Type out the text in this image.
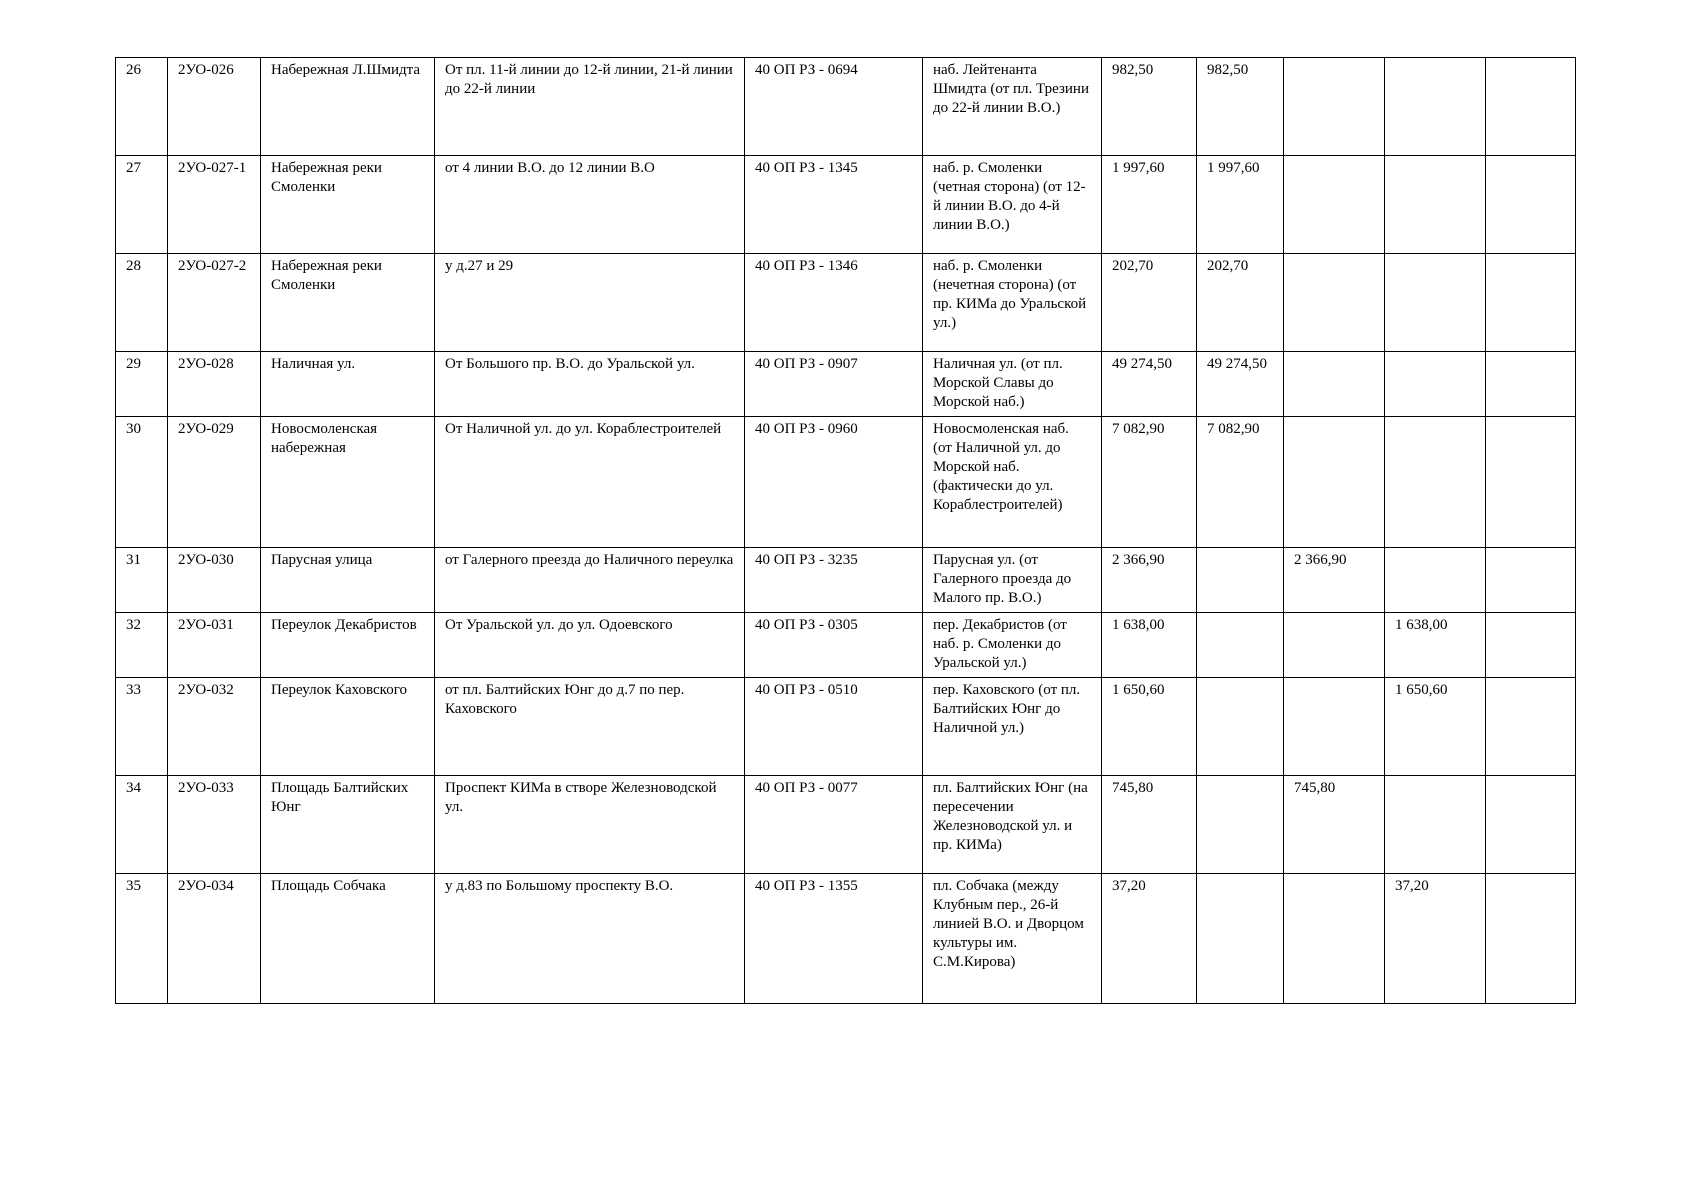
26	2УО-026	Набережная Л.Шмидта	От пл. 11-й линии до 12-й линии, 21-й линии до 22-й линии	40 ОП РЗ - 0694	наб. Лейтенанта Шмидта (от пл. Трезини до 22-й линии В.О.)	982,50	982,50			
27	2УО-027-1	Набережная реки Смоленки	от 4 линии В.О. до 12 линии В.О	40 ОП РЗ - 1345	наб. р. Смоленки (четная сторона) (от 12-й линии В.О. до 4-й линии В.О.)	1 997,60	1 997,60			
28	2УО-027-2	Набережная реки Смоленки	у д.27 и 29	40 ОП РЗ - 1346	наб. р. Смоленки (нечетная сторона) (от пр. КИМа до Уральской ул.)	202,70	202,70			
29	2УО-028	Наличная ул.	От Большого пр. В.О. до Уральской ул.	40 ОП РЗ - 0907	Наличная ул. (от пл. Морской Славы до Морской наб.)	49 274,50	49 274,50			
30	2УО-029	Новосмоленская набережная	От Наличной ул. до ул. Кораблестроителей	40 ОП РЗ - 0960	Новосмоленская наб. (от Наличной ул. до Морской наб. (фактически до ул. Кораблестроителей)	7 082,90	7 082,90			
31	2УО-030	Парусная улица	от Галерного преезда до Наличного переулка	40 ОП РЗ - 3235	Парусная ул. (от Галерного проезда до Малого пр. В.О.)	2 366,90		2 366,90		
32	2УО-031	Переулок Декабристов	От Уральской ул. до ул. Одоевского	40 ОП РЗ - 0305	пер. Декабристов (от наб. р. Смоленки до Уральской ул.)	1 638,00			1 638,00	
33	2УО-032	Переулок Каховского	от пл. Балтийских Юнг до д.7 по пер. Каховского	40 ОП РЗ - 0510	пер. Каховского (от пл. Балтийских Юнг до Наличной ул.)	1 650,60			1 650,60	
34	2УО-033	Площадь Балтийских Юнг	Проспект КИМа в створе Железноводской ул.	40 ОП РЗ - 0077	пл. Балтийских Юнг (на пересечении Железноводской ул. и пр. КИМа)	745,80		745,80		
35	2УО-034	Площадь Собчака	у д.83 по Большому проспекту В.О.	40 ОП РЗ - 1355	пл. Собчака (между Клубным пер., 26-й линией В.О. и Дворцом культуры им. С.М.Кирова)	37,20			37,20	
